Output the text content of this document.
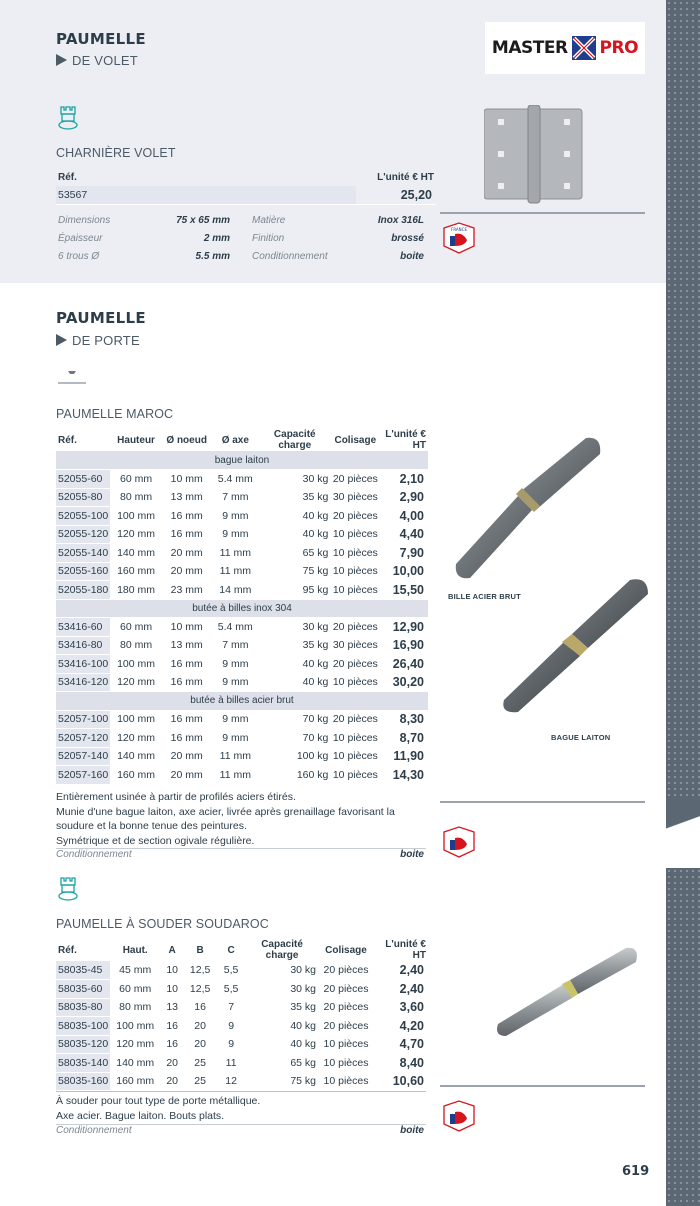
MASTER PRO
PAUMELLE
DE VOLET
CHARNIÈRE VOLET
Réf.	L'unité € HT
53567	25,20
Dimensions	75 x 65 mm
Épaisseur	2 mm
6 trous Ø	5.5 mm
Matière	Inox 316L
Finition	brossé
Conditionnement	boite
FRANCE
PAUMELLE
DE PORTE
PAUMELLE MAROC
Réf.	Hauteur	Ø noeud	Ø axe	Capacité charge	Colisage	L'unité € HT
bague laiton						
52055-60	60 mm	10 mm	5.4 mm	30 kg	20 pièces	2,10
52055-80	80 mm	13 mm	7 mm	35 kg	30 pièces	2,90
52055-100	100 mm	16 mm	9 mm	40 kg	20 pièces	4,00
52055-120	120 mm	16 mm	9 mm	40 kg	10 pièces	4,40
52055-140	140 mm	20 mm	11 mm	65 kg	10 pièces	7,90
52055-160	160 mm	20 mm	11 mm	75 kg	10 pièces	10,00
52055-180	180 mm	23 mm	14 mm	95 kg	10 pièces	15,50
butée à billes inox 304						
53416-60	60 mm	10 mm	5.4 mm	30 kg	20 pièces	12,90
53416-80	80 mm	13 mm	7 mm	35 kg	30 pièces	16,90
53416-100	100 mm	16 mm	9 mm	40 kg	20 pièces	26,40
53416-120	120 mm	16 mm	9 mm	40 kg	10 pièces	30,20
butée à billes acier brut						
52057-100	100 mm	16 mm	9 mm	70 kg	20 pièces	8,30
52057-120	120 mm	16 mm	9 mm	70 kg	10 pièces	8,70
52057-140	140 mm	20 mm	11 mm	100 kg	10 pièces	11,90
52057-160	160 mm	20 mm	11 mm	160 kg	10 pièces	14,30
BILLE ACIER BRUT
BAGUE LAITON
Entièrement usinée à partir de profilés aciers étirés.
Munie d'une bague laiton, axe acier, livrée après grenaillage favorisant la soudure et la bonne tenue des peintures.
Symétrique et de section ogivale régulière.
Conditionnement	boite
PAUMELLE À SOUDER SOUDAROC
Réf.	Haut.	A	B	C	Capacité charge	Colisage	L'unité € HT
58035-45	45 mm	10	12,5	5,5	30 kg	20 pièces	2,40
58035-60	60 mm	10	12,5	5,5	30 kg	20 pièces	2,40
58035-80	80 mm	13	16	7	35 kg	20 pièces	3,60
58035-100	100 mm	16	20	9	40 kg	20 pièces	4,20
58035-120	120 mm	16	20	9	40 kg	10 pièces	4,70
58035-140	140 mm	20	25	11	65 kg	10 pièces	8,40
58035-160	160 mm	20	25	12	75 kg	10 pièces	10,60
À souder pour tout type de porte métallique.
Axe acier. Bague laiton. Bouts plats.
Conditionnement	boite
619
